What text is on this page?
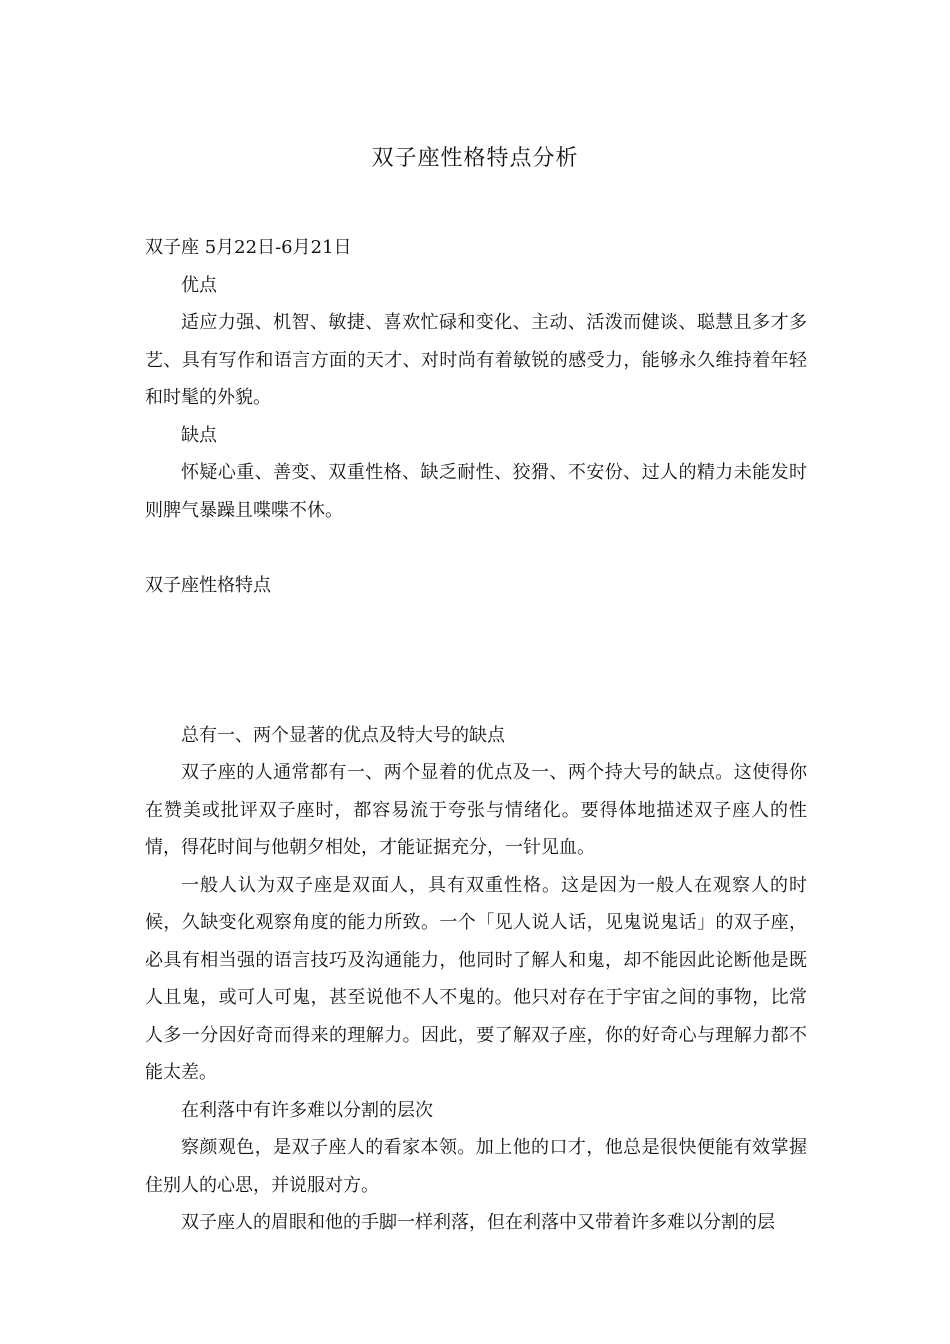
双子座性格特点分析

双子座 5月22日-6月21日

优点

适应力强、机智、敏捷、喜欢忙碌和变化、主动、活泼而健谈、聪慧且多才多艺、具有写作和语言方面的天才、对时尚有着敏锐的感受力，能够永久维持着年轻和时髦的外貌。

缺点

怀疑心重、善变、双重性格、缺乏耐性、狡猾、不安份、过人的精力未能发时则脾气暴躁且喋喋不休。

双子座性格特点

总有一、两个显著的优点及特大号的缺点

双子座的人通常都有一、两个显着的优点及一、两个持大号的缺点。这使得你在赞美或批评双子座时，都容易流于夸张与情绪化。要得体地描述双子座人的性情，得花时间与他朝夕相处，才能证据充分，一针见血。

一般人认为双子座是双面人，具有双重性格。这是因为一般人在观察人的时候，久缺变化观察角度的能力所致。一个「见人说人话，见鬼说鬼话」的双子座，必具有相当强的语言技巧及沟通能力，他同时了解人和鬼，却不能因此论断他是既人且鬼，或可人可鬼，甚至说他不人不鬼的。他只对存在于宇宙之间的事物，比常人多一分因好奇而得来的理解力。因此，要了解双子座，你的好奇心与理解力都不能太差。

在利落中有许多难以分割的层次

察颜观色，是双子座人的看家本领。加上他的口才，他总是很快便能有效掌握住别人的心思，并说服对方。

双子座人的眉眼和他的手脚一样利落，但在利落中又带着许多难以分割的层
